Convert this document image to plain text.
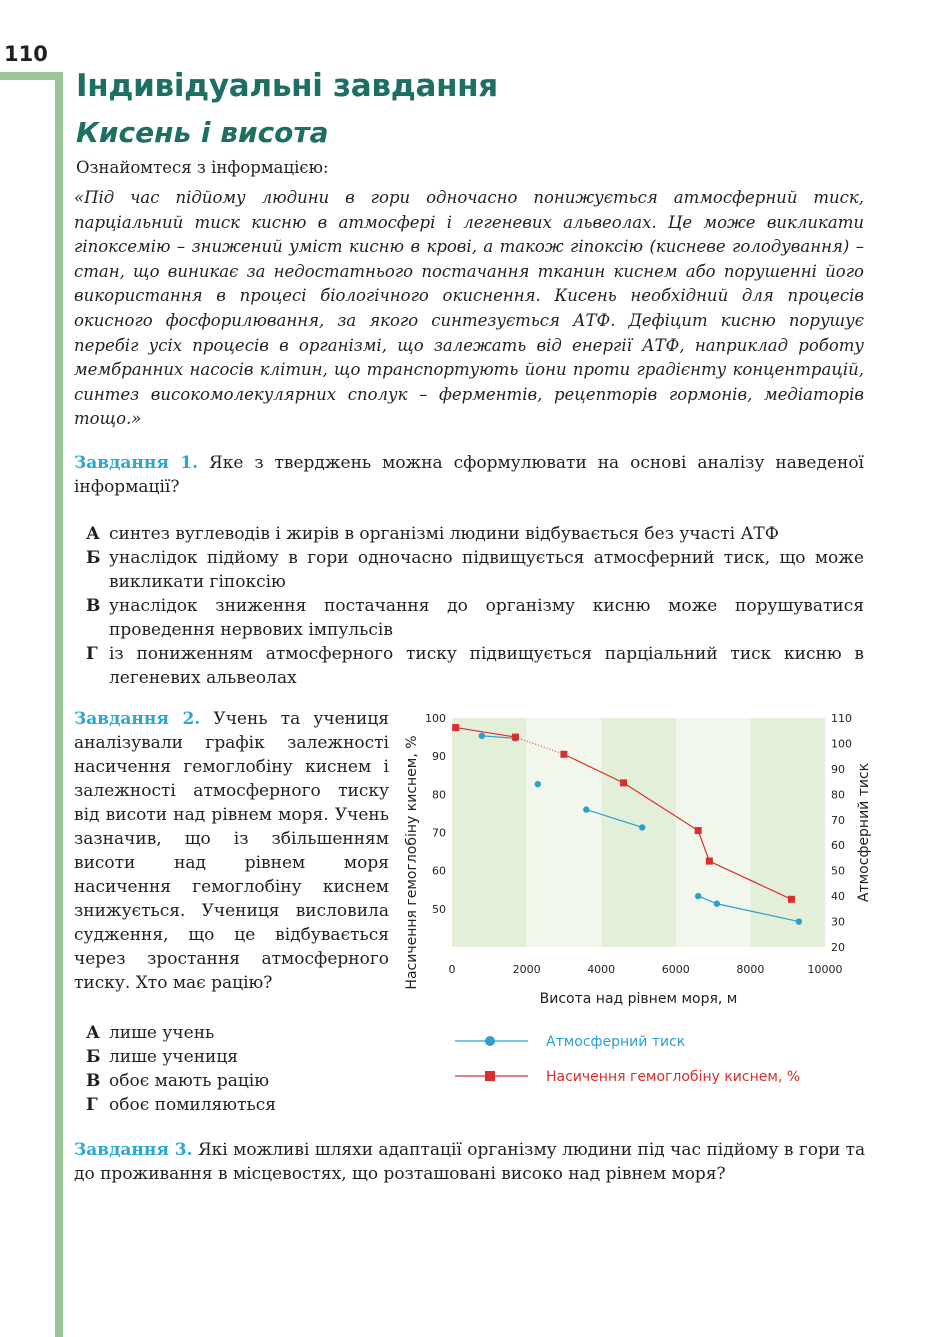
110
Індивідуальні завдання
Кисень і висота
Ознайомтеся з інформацією:
«Під час підйому людини в гори одночасно понижується атмосферний тиск, парціальний тиск кисню в атмосфері і легеневих альвеолах. Це може викликати гіпоксемію – знижений уміст кисню в крові, а також гіпоксію (кисневе голодування) – стан, що виникає за недостатнього постачання тканин киснем або порушенні його використання в процесі біологічного окиснення. Кисень необхідний для процесів окисного фосфорилювання, за якого синтезується АТФ. Дефіцит кисню порушує перебіг усіх процесів в організмі, що залежать від енергії АТФ, наприклад роботу мембранних насосів клітин, що транспортують йони проти градієнту концентрацій, синтез високомолекулярних сполук – ферментів, рецепторів гормонів, медіаторів тощо.»
Завдання 1. Яке з тверджень можна сформулювати на основі аналізу наведеної інформації?
А синтез вуглеводів і жирів в організмі людини відбувається без участі АТФ
Б унаслідок підйому в гори одночасно підвищується атмосферний тиск, що може викликати гіпоксію
В унаслідок зниження постачання до організму кисню може порушуватися проведення нервових імпульсів
Г із пониженням атмосферного тиску підвищується парціальний тиск кисню в легеневих альвеолах
Завдання 2. Учень та учениця аналізували графік залежності насичення гемоглобіну киснем і залежності атмосферного тиску від висоти над рівнем моря. Учень зазначив, що із збільшенням висоти над рівнем моря насичення гемоглобіну киснем знижується. Учениця висловила судження, що це відбувається через зростання атмосферного тиску. Хто має рацію?
А лише учень
Б лише учениця
В обоє мають рацію
Г обоє помиляються
0	2000	4000	6000	8000	10000
50
60
70
80
90
100
20
30
40
50
60
70
80
90
100
110
Висота над рівнем моря, м
Насичення гемоглобіну киснем, %	Атмосферний тиск
Атмосферний тиск
Насичення гемоглобіну киснем, %
Завдання 3. Які можливі шляхи адаптації організму людини під час підйому в гори та до проживання в місцевостях, що розташовані високо над рівнем моря?
